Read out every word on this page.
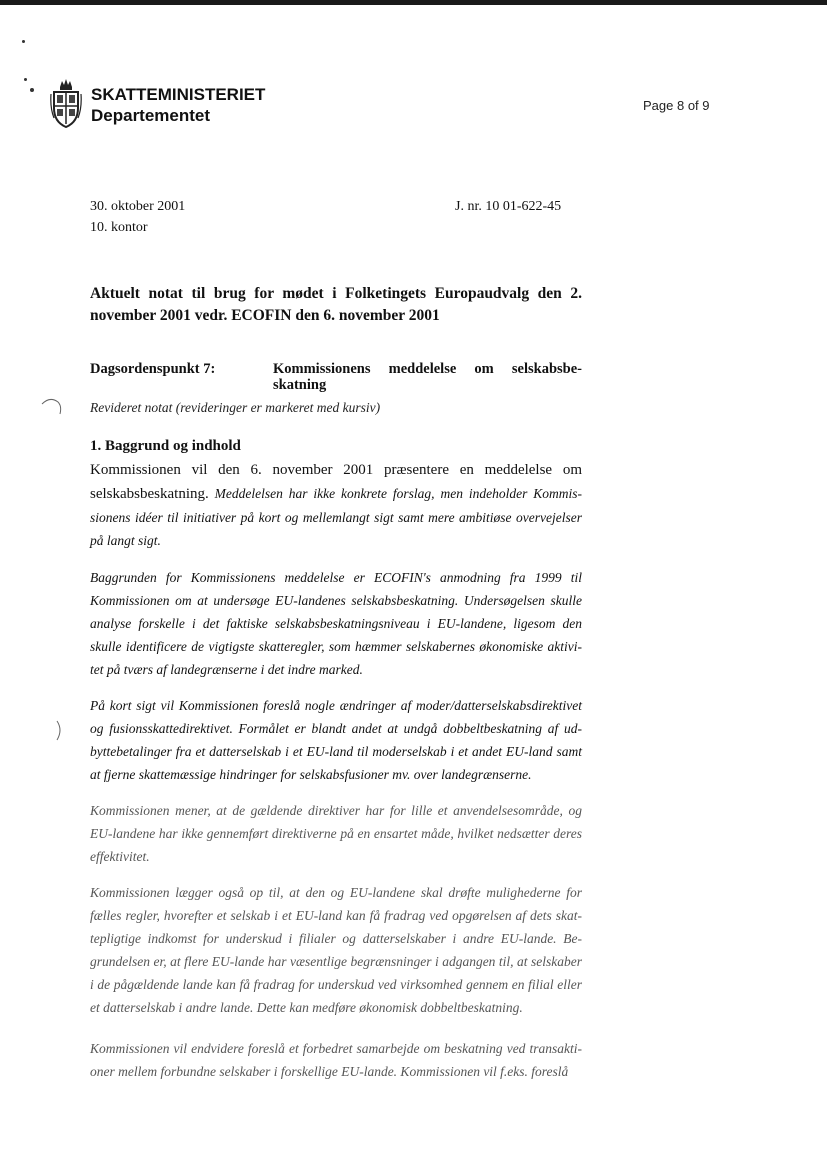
SKATTEMINISTERIET
Departementet
Page 8 of 9
30. oktober 2001
10. kontor
J. nr. 10 01-622-45
Aktuelt notat til brug for mødet i Folketingets Europaudvalg den 2. november 2001 vedr. ECOFIN den 6. november 2001
Dagsordenspunkt 7:	Kommissionens meddelelse om selskabsbe-skatning
Revideret notat (revideringer er markeret med kursiv)
1. Baggrund og indhold

Kommissionen vil den 6. november 2001 præsentere en meddelelse om selskabsbeskatning. Meddelelsen har ikke konkrete forslag, men indeholder Kommis-sionens idéer til initiativer på kort og mellemlangt sigt samt mere ambitiøse overvejelser på langt sigt.

Baggrunden for Kommissionens meddelelse er ECOFIN's anmodning fra 1999 til Kommissionen om at undersøge EU-landenes selskabsbeskatning. Undersøgelsen skulle analyse forskelle i det faktiske selskabsbeskatningsniveau i EU-landene, ligesom den skulle identificere de vigtigste skatteregler, som hæmmer selskabernes økonomiske aktivi-tet på tværs af landegrænserne i det indre marked.

På kort sigt vil Kommissionen foreslå nogle ændringer af moder/datterselskabsdirektivet og fusionsskattedirektivet. Formålet er blandt andet at undgå dobbeltbeskatning af ud-byttebetalinger fra et datterselskab i et EU-land til moderselskab i et andet EU-land samt at fjerne skattemæssige hindringer for selskabsfusioner mv. over landegrænserne.

Kommissionen mener, at de gældende direktiver har for lille et anvendelsesområde, og EU-landene har ikke gennemført direktiverne på en ensartet måde, hvilket nedsætter deres effektivitet.

Kommissionen lægger også op til, at den og EU-landene skal drøfte mulighederne for fælles regler, hvorefter et selskab i et EU-land kan få fradrag ved opgørelsen af dets skat-tepligtige indkomst for underskud i filialer og datterselskaber i andre EU-lande. Be-grundelsen er, at flere EU-lande har væsentlige begrænsninger i adgangen til, at selskaber i de pågældende lande kan få fradrag for underskud ved virksomhed gennem en filial eller et datterselskab i andre lande. Dette kan medføre økonomisk dobbeltbeskatning.

Kommissionen vil endvidere foreslå et forbedret samarbejde om beskatning ved transakti-oner mellem forbundne selskaber i forskellige EU-lande. Kommissionen vil f.eks. foreslå
